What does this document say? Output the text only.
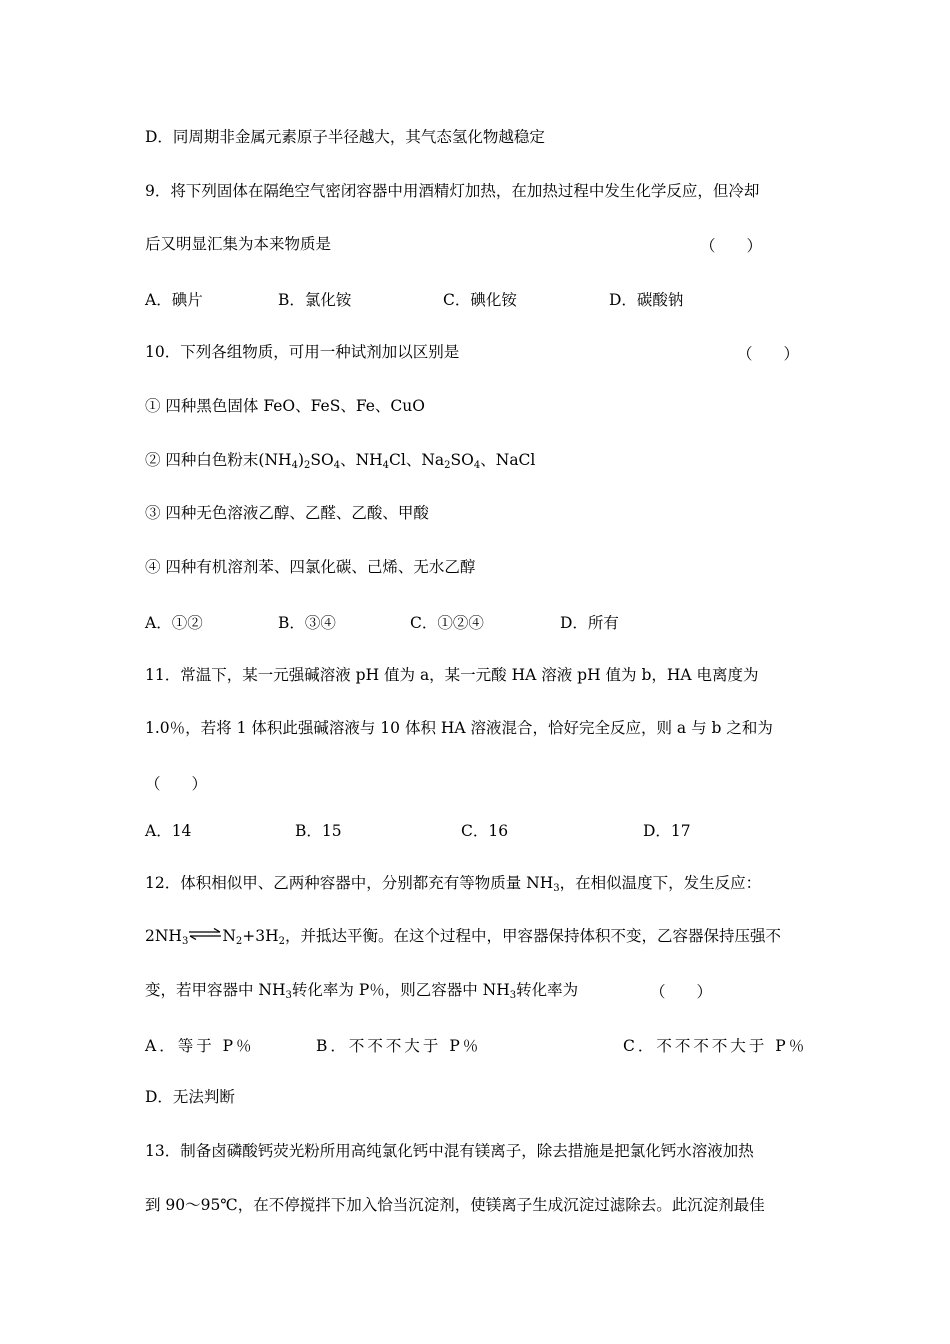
D．同周期非金属元素原子半径越大，其气态氢化物越稳定
9．将下列固体在隔绝空气密闭容器中用酒精灯加热，在加热过程中发生化学反应，但冷却
后又明显汇集为本来物质是	（　　）
A．碘片	B．氯化铵	C．碘化铵	D．碳酸钠
10．下列各组物质，可用一种试剂加以区别是	（　　）
① 四种黑色固体 FeO、FeS、Fe、CuO
② 四种白色粉末$(NH_4)_2SO_4$、$NH_4Cl$、$Na_2SO_4$、NaCl
③ 四种无色溶液乙醇、乙醛、乙酸、甲酸
④ 四种有机溶剂苯、四氯化碳、己烯、无水乙醇
A．①②	B．③④	C．①②④	D．所有
11．常温下，某一元强碱溶液 pH 值为 a，某一元酸 HA 溶液 pH 值为 b，HA 电离度为
1.0％，若将 1 体积此强碱溶液与 10 体积 HA 溶液混合，恰好完全反应，则 a 与 b 之和为
（　　）
A．14	B．15	C．16	D．17
12．体积相似甲、乙两种容器中，分别都充有等物质量 $NH_3$，在相似温度下，发生反应：
$2NH_3$ $\rightleftharpoons N_2+3H_2$，并抵达平衡。在这个过程中，甲容器保持体积不变，乙容器保持压强不
变，若甲容器中 $NH_3$转化率为 P％，则乙容器中 $NH_3$转化率为	（　　）
A．等于 P％	B．不不不大于 P％	C．不不不不大于 P％
D．无法判断
13．制备卤磷酸钙荧光粉所用高纯氯化钙中混有镁离子，除去措施是把氯化钙水溶液加热
到 90～95℃，在不停搅拌下加入恰当沉淀剂，使镁离子生成沉淀过滤除去。此沉淀剂最佳
